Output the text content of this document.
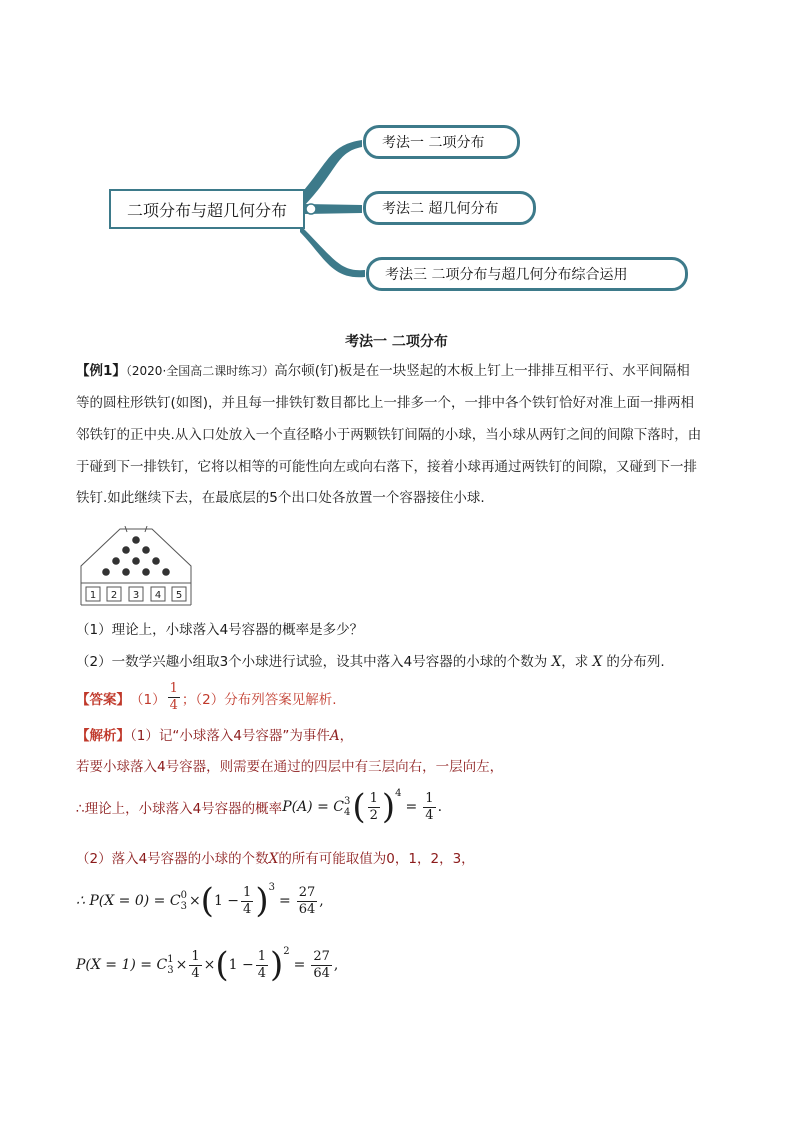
二项分布与超几何分布
考法一 二项分布
考法二 超几何分布
考法三 二项分布与超几何分布综合运用
考法一 二项分布
【例1】（2020·全国高二课时练习）高尔顿(钉)板是在一块竖起的木板上钉上一排排互相平行、水平间隔相
等的圆柱形铁钉(如图)，并且每一排铁钉数目都比上一排多一个，一排中各个铁钉恰好对准上面一排两相
邻铁钉的正中央.从入口处放入一个直径略小于两颗铁钉间隔的小球，当小球从两钉之间的间隙下落时，由
于碰到下一排铁钉，它将以相等的可能性向左或向右落下，接着小球再通过两铁钉的间隙，又碰到下一排
铁钉.如此继续下去，在最底层的5个出口处各放置一个容器接住小球.
1 2 3 4 5
（1）理论上，小球落入4号容器的概率是多少？
（2）一数学兴趣小组取3个小球进行试验，设其中落入4号容器的小球的个数为 X，求 X 的分布列.
【答案】 $(1) \frac{1}{4}$ ；（2）分布列答案见解析.
【解析】（1）记“小球落入4号容器”为事件A，
若要小球落入4号容器，则需要在通过的四层中有三层向右，一层向左，
∴理论上，小球落入4号容器的概率 P(A) = C 3
4 ( $\frac{1}{2}$ ) 4
= $\frac{1}{4}$ .
（2）落入4号容器的小球的个数X的所有可能取值为0，1，2，3，
∴ P(X = 0) = C 0
3 × ( $1 - \frac{1}{4}$ ) 3
= $\frac{27}{64}$ ,
P(X = 1) = C 1
$3 \times \frac{1}{4}$ × ( $1 - \frac{1}{4}$ ) 2
= $\frac{27}{64}$ ,
